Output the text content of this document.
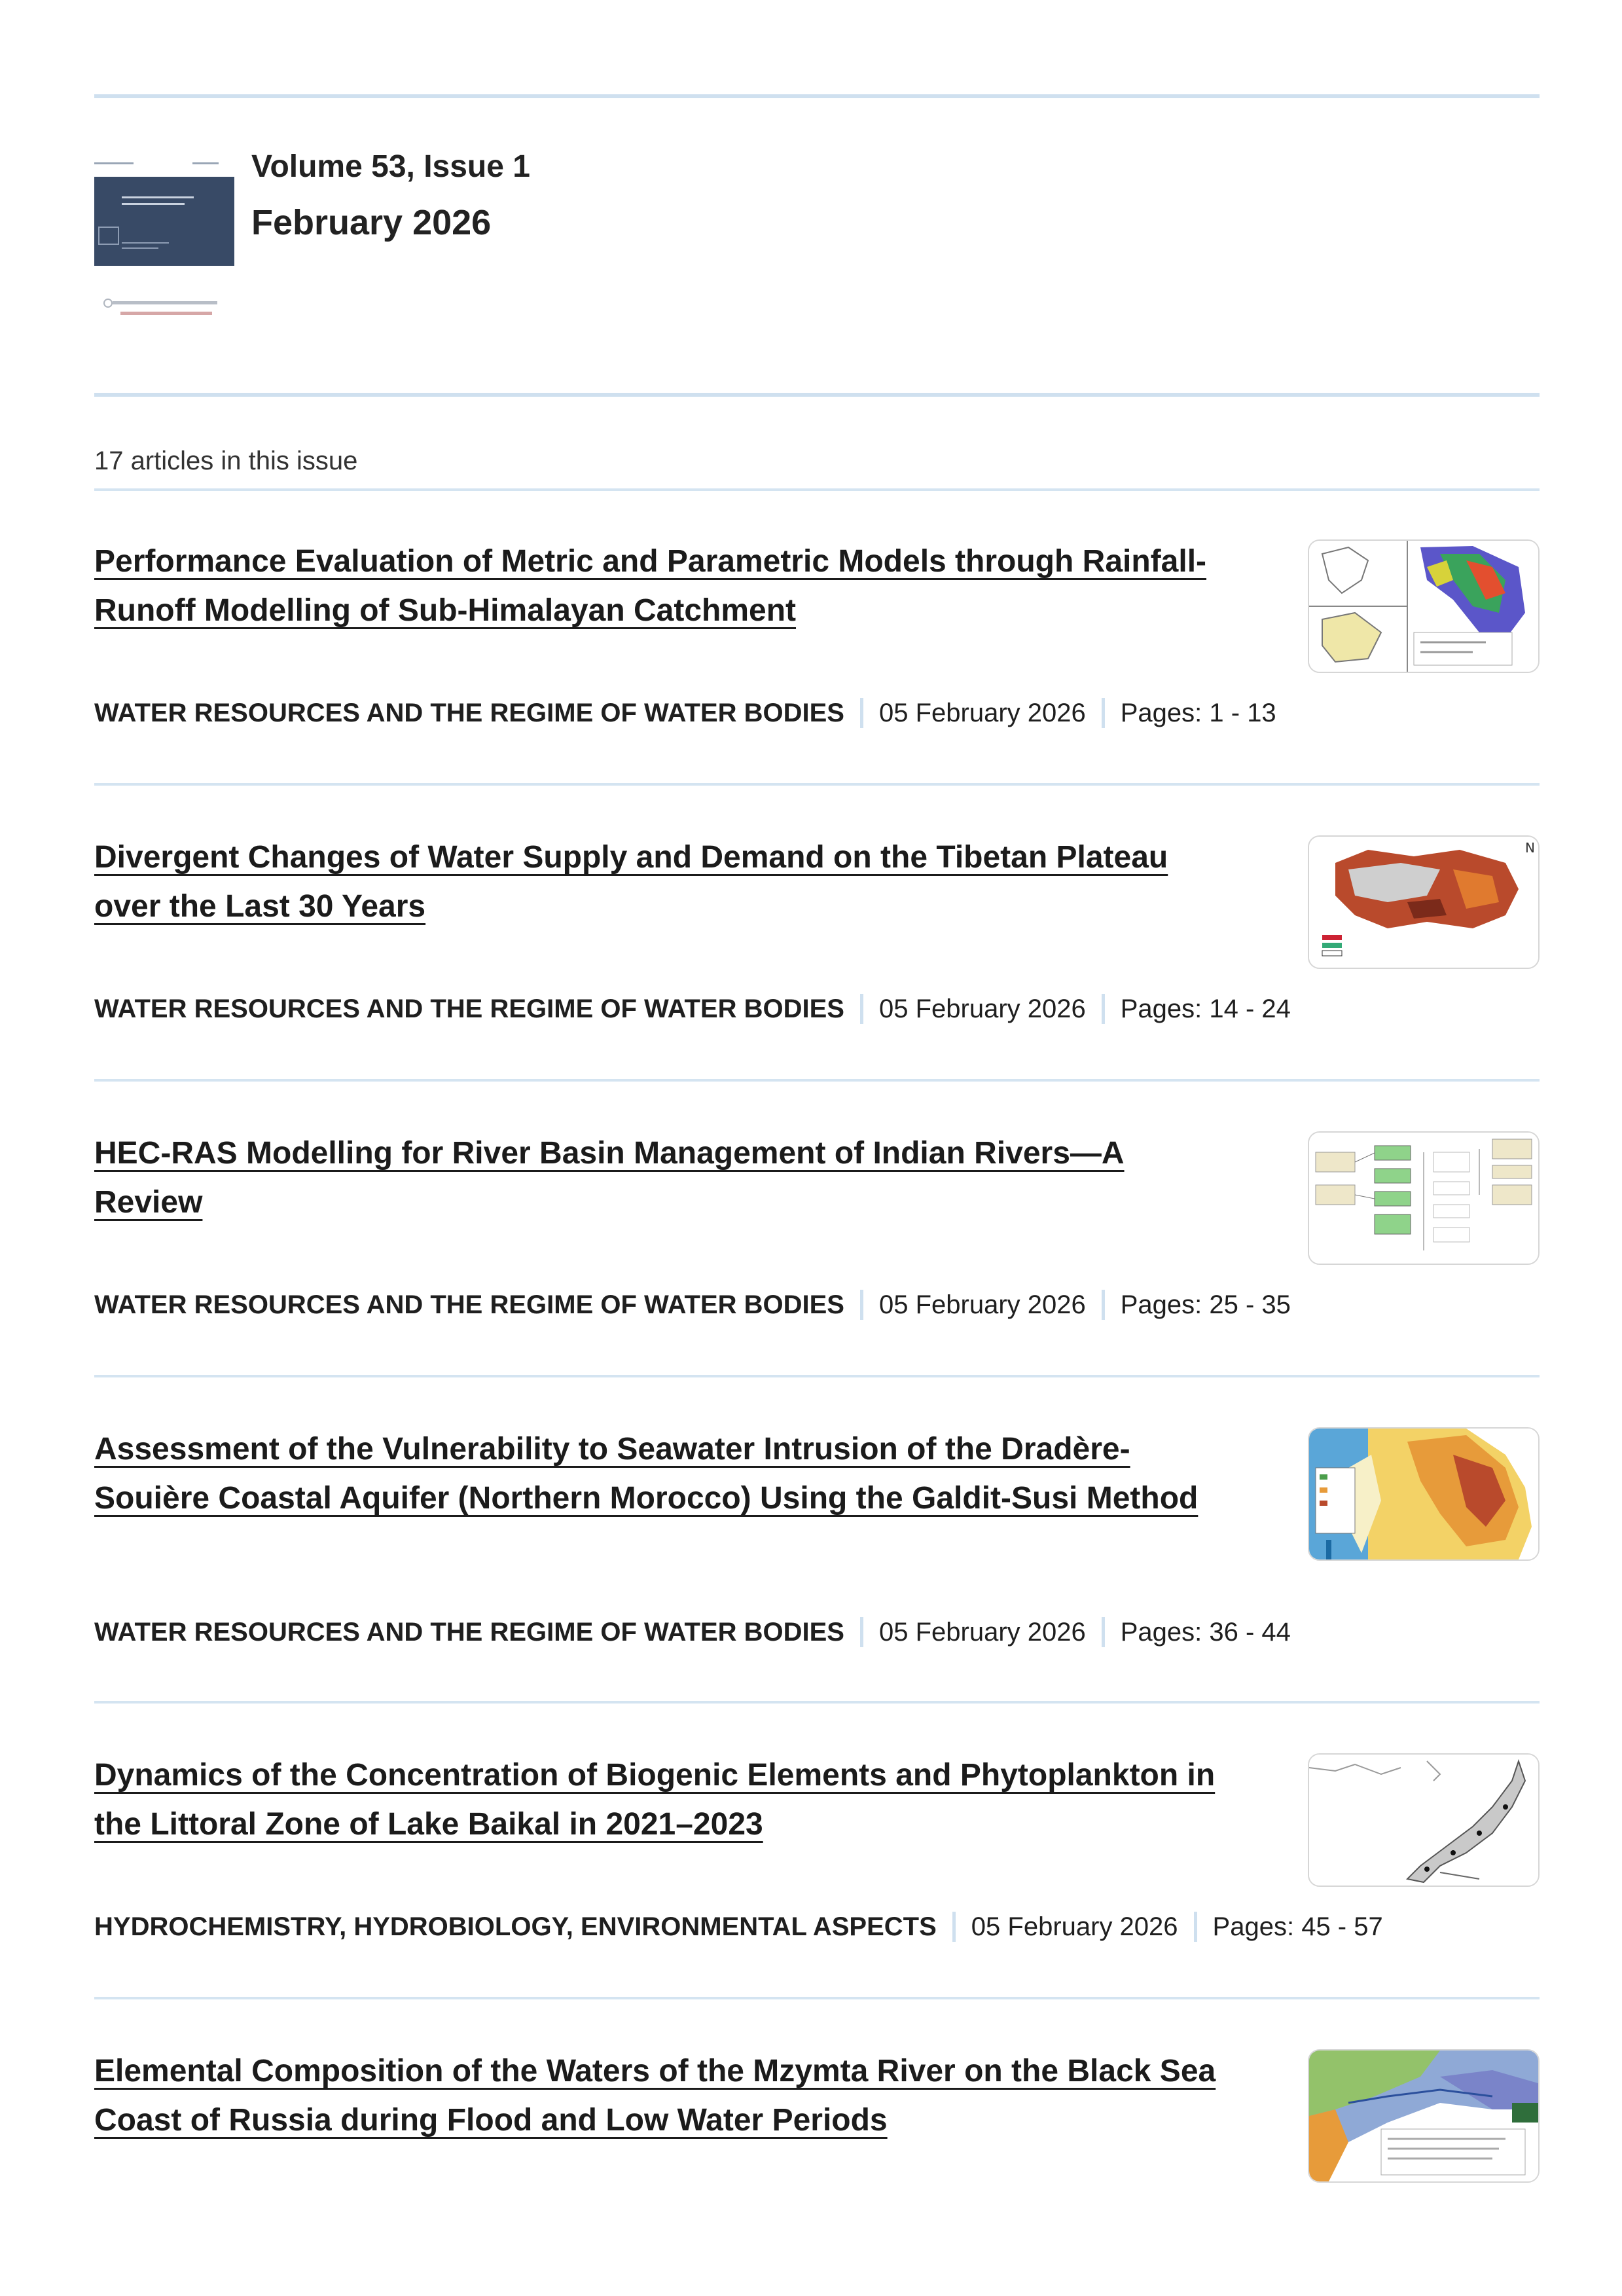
Volume 53, Issue 1
February 2026
17 articles in this issue
Performance Evaluation of Metric and Parametric Models through Rainfall-Runoff Modelling of Sub-Himalayan Catchment
WATER RESOURCES AND THE REGIME OF WATER BODIES 05 February 2026 Pages: 1 - 13
Divergent Changes of Water Supply and Demand on the Tibetan Plateau over the Last 30 Years
WATER RESOURCES AND THE REGIME OF WATER BODIES 05 February 2026 Pages: 14 - 24
N
HEC-RAS Modelling for River Basin Management of Indian Rivers—A Review
WATER RESOURCES AND THE REGIME OF WATER BODIES 05 February 2026 Pages: 25 - 35
Assessment of the Vulnerability to Seawater Intrusion of the Dradère-Souière Coastal Aquifer (Northern Morocco) Using the Galdit-Susi Method
WATER RESOURCES AND THE REGIME OF WATER BODIES 05 February 2026 Pages: 36 - 44
Dynamics of the Concentration of Biogenic Elements and Phytoplankton in the Littoral Zone of Lake Baikal in 2021–2023
HYDROCHEMISTRY, HYDROBIOLOGY, ENVIRONMENTAL ASPECTS 05 February 2026 Pages: 45 - 57
Elemental Composition of the Waters of the Mzymta River on the Black Sea Coast of Russia during Flood and Low Water Periods
